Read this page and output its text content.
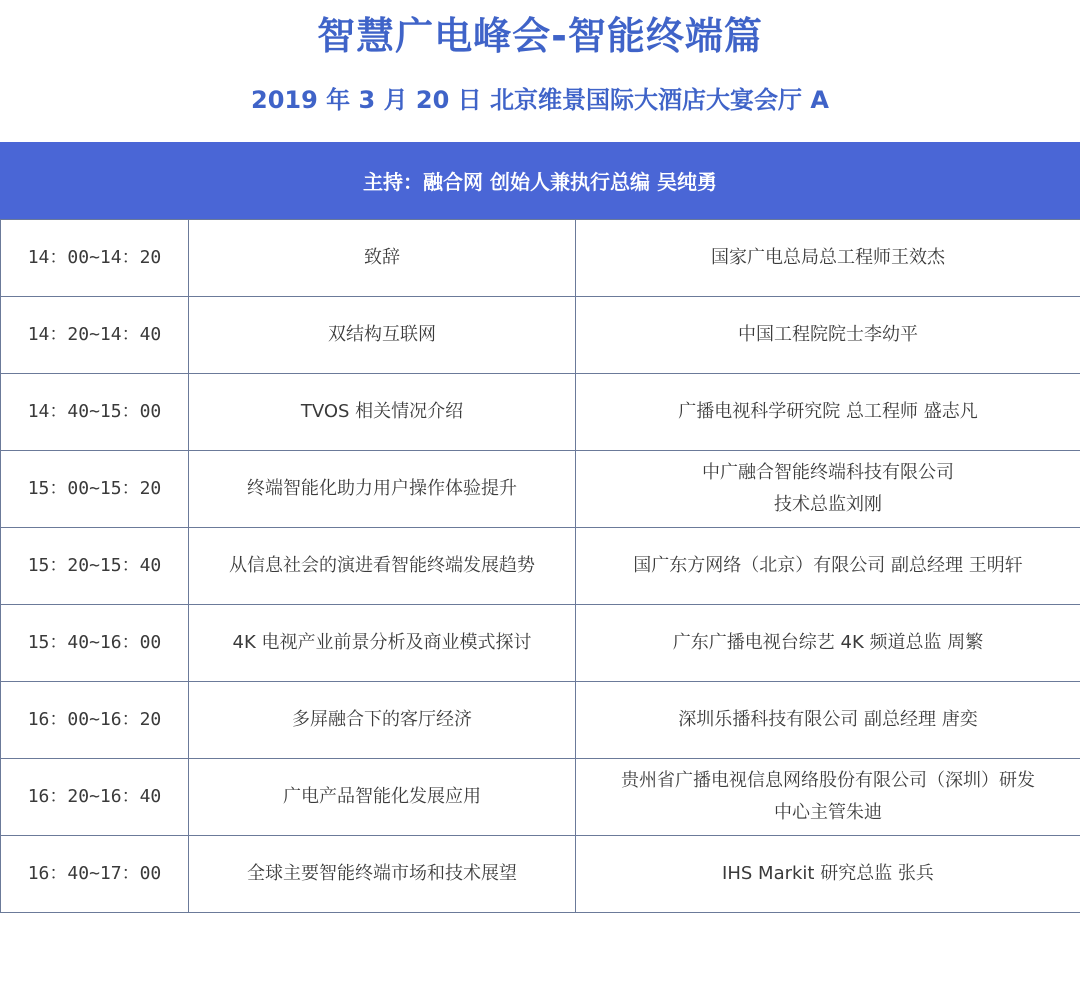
智慧广电峰会-智能终端篇
2019 年 3 月 20 日 北京维景国际大酒店大宴会厅 A
主持：融合网 创始人兼执行总编 吴纯勇
14：00~14：20	致辞	国家广电总局总工程师王效杰

14：20~14：40	双结构互联网	中国工程院院士李幼平

14：40~15：00	TVOS 相关情况介绍	广播电视科学研究院 总工程师 盛志凡

15：00~15：20	终端智能化助力用户操作体验提升	中广融合智能终端科技有限公司
技术总监刘刚

15：20~15：40	从信息社会的演进看智能终端发展趋势	国广东方网络（北京）有限公司 副总经理 王明轩

15：40~16：00	4K 电视产业前景分析及商业模式探讨	广东广播电视台综艺 4K 频道总监 周繁

16：00~16：20	多屏融合下的客厅经济	深圳乐播科技有限公司 副总经理 唐奕

16：20~16：40	广电产品智能化发展应用	贵州省广播电视信息网络股份有限公司（深圳）研发
中心主管朱迪

16：40~17：00	全球主要智能终端市场和技术展望	IHS Markit 研究总监 张兵
